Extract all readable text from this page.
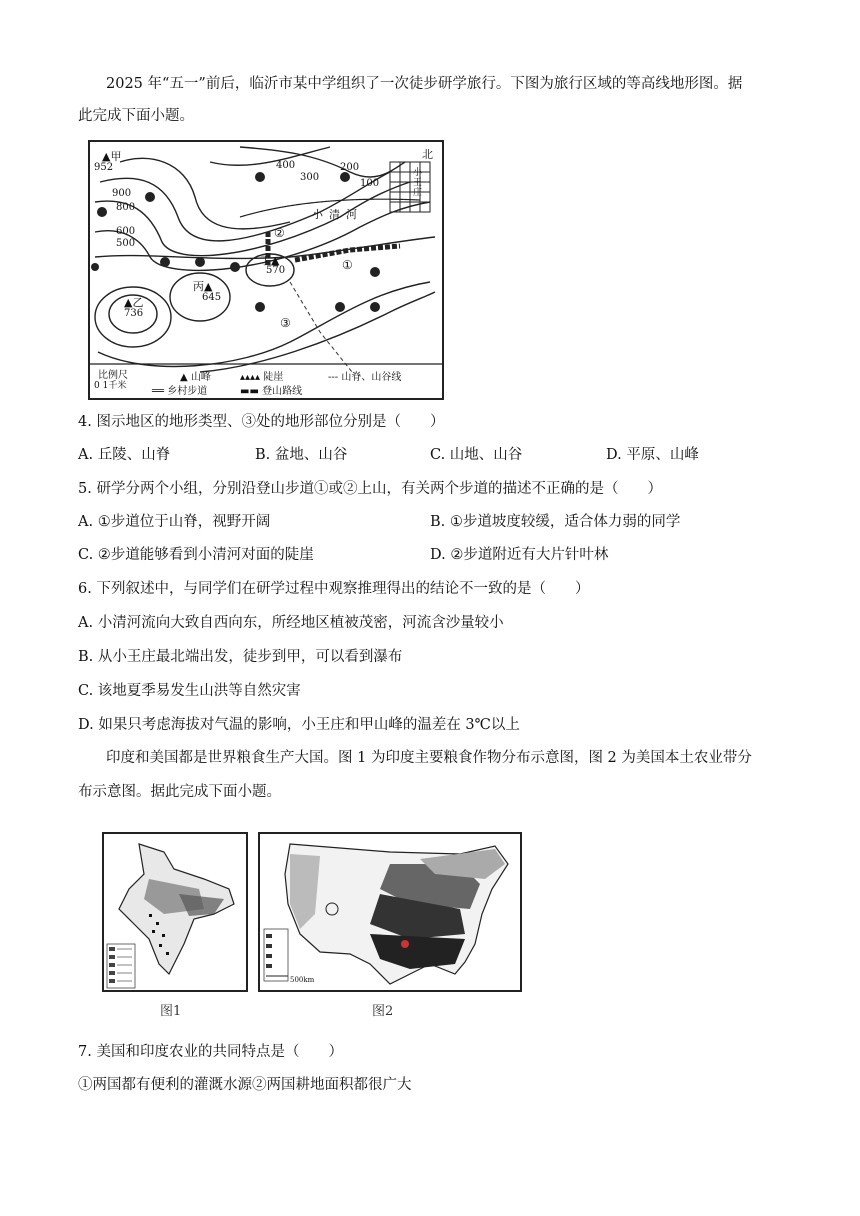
2025 年“五一”前后，临沂市某中学组织了一次徒步研学旅行。下图为旅行区域的等高线地形图。据
此完成下面小题。
北
小王庄
小清河
▲甲
952
▲乙
736
丙▲
645
丁▲
570	①
②
③
900
800
600
500
400
300
200
100
比例尺
0 1千米
▲ 山峰	▴▴▴▴ 陡崖	--- 山脊、山谷线
══ 乡村步道	▬▬ 登山路线
4. 图示地区的地形类型、③处的地形部位分别是（　　）
A. 丘陵、山脊	B. 盆地、山谷	C. 山地、山谷	D. 平原、山峰
5. 研学分两个小组，分别沿登山步道①或②上山，有关两个步道的描述不正确的是（　　）
A. ①步道位于山脊，视野开阔	B. ①步道坡度较缓，适合体力弱的同学
C. ②步道能够看到小清河对面的陡崖	D. ②步道附近有大片针叶林
6. 下列叙述中，与同学们在研学过程中观察推理得出的结论不一致的是（　　）
A. 小清河流向大致自西向东，所经地区植被茂密，河流含沙量较小
B. 从小王庄最北端出发，徒步到甲，可以看到瀑布
C. 该地夏季易发生山洪等自然灾害
D. 如果只考虑海拔对气温的影响，小王庄和甲山峰的温差在 3℃以上
印度和美国都是世界粮食生产大国。图 1 为印度主要粮食作物分布示意图，图 2 为美国本土农业带分
布示意图。据此完成下面小题。
图1
500km
图2
7. 美国和印度农业的共同特点是（　　）
①两国都有便利的灌溉水源②两国耕地面积都很广大
